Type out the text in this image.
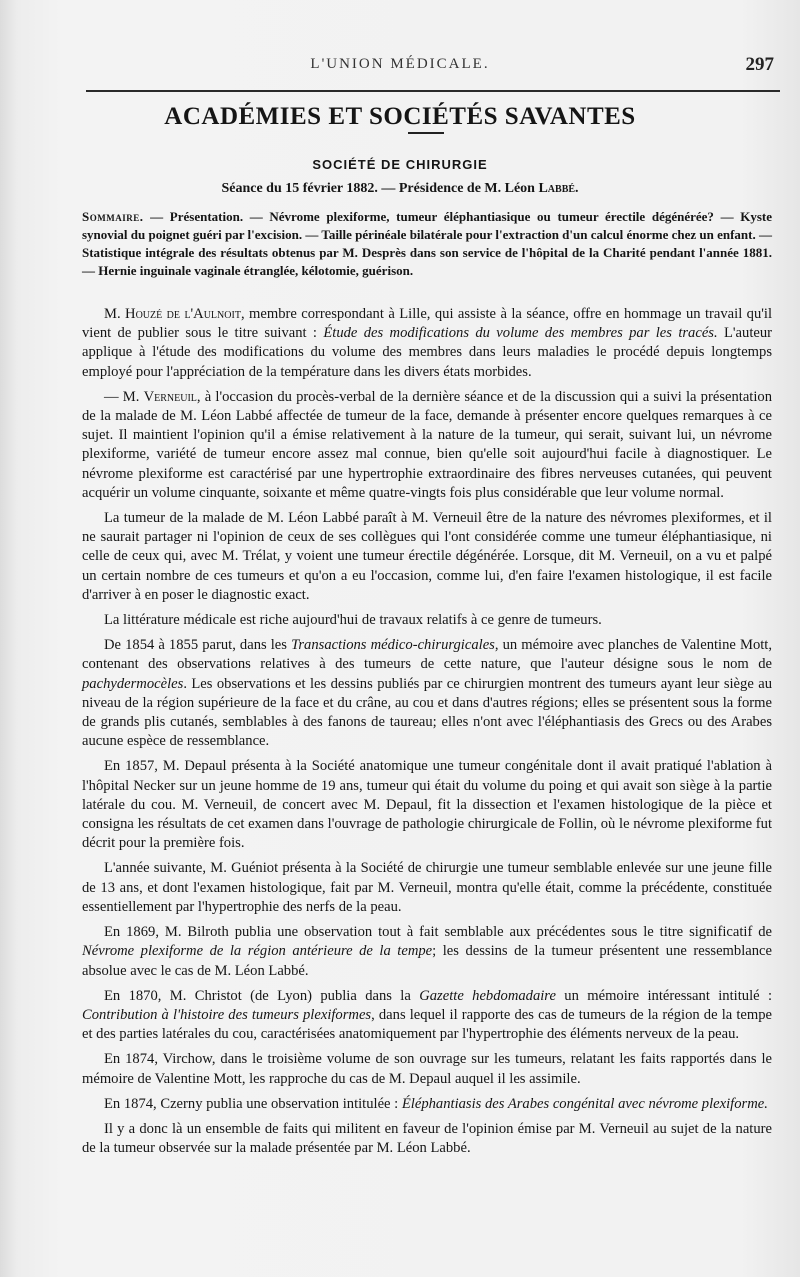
L'UNION MÉDICALE.	297
ACADÉMIES ET SOCIÉTÉS SAVANTES
SOCIÉTÉ DE CHIRURGIE
Séance du 15 février 1882. — Présidence de M. Léon Labbé.
Sommaire. — Présentation. — Névrome plexiforme, tumeur éléphantiasique ou tumeur érectile dégénérée? — Kyste synovial du poignet guéri par l'excision. — Taille périnéale bilatérale pour l'extraction d'un calcul énorme chez un enfant. — Statistique intégrale des résultats obtenus par M. Desprès dans son service de l'hôpital de la Charité pendant l'année 1881. — Hernie inguinale vaginale étranglée, kélotomie, guérison.

M. Houzé de l'Aulnoit, membre correspondant à Lille, qui assiste à la séance, offre en hommage un travail qu'il vient de publier sous le titre suivant : Étude des modifications du volume des membres par les tracés. L'auteur applique à l'étude des modifications du volume des membres dans leurs maladies le procédé depuis longtemps employé pour l'appréciation de la température dans les divers états morbides.

— M. Verneuil, à l'occasion du procès-verbal de la dernière séance et de la discussion qui a suivi la présentation de la malade de M. Léon Labbé affectée de tumeur de la face, demande à présenter encore quelques remarques à ce sujet. Il maintient l'opinion qu'il a émise relativement à la nature de la tumeur, qui serait, suivant lui, un névrome plexiforme, variété de tumeur encore assez mal connue, bien qu'elle soit aujourd'hui facile à diagnostiquer. Le névrome plexiforme est caractérisé par une hypertrophie extraordinaire des fibres nerveuses cutanées, qui peuvent acquérir un volume cinquante, soixante et même quatre-vingts fois plus considérable que leur volume normal.

La tumeur de la malade de M. Léon Labbé paraît à M. Verneuil être de la nature des névromes plexiformes, et il ne saurait partager ni l'opinion de ceux de ses collègues qui l'ont considérée comme une tumeur éléphantiasique, ni celle de ceux qui, avec M. Trélat, y voient une tumeur érectile dégénérée. Lorsque, dit M. Verneuil, on a vu et palpé un certain nombre de ces tumeurs et qu'on a eu l'occasion, comme lui, d'en faire l'examen histologique, il est facile d'arriver à en poser le diagnostic exact.

La littérature médicale est riche aujourd'hui de travaux relatifs à ce genre de tumeurs.

De 1854 à 1855 parut, dans les Transactions médico-chirurgicales, un mémoire avec planches de Valentine Mott, contenant des observations relatives à des tumeurs de cette nature, que l'auteur désigne sous le nom de pachydermocèles. Les observations et les dessins publiés par ce chirurgien montrent des tumeurs ayant leur siège au niveau de la région supérieure de la face et du crâne, au cou et dans d'autres régions; elles se présentent sous la forme de grands plis cutanés, semblables à des fanons de taureau; elles n'ont avec l'éléphantiasis des Grecs ou des Arabes aucune espèce de ressemblance.

En 1857, M. Depaul présenta à la Société anatomique une tumeur congénitale dont il avait pratiqué l'ablation à l'hôpital Necker sur un jeune homme de 19 ans, tumeur qui était du volume du poing et qui avait son siège à la partie latérale du cou. M. Verneuil, de concert avec M. Depaul, fit la dissection et l'examen histologique de la pièce et consigna les résultats de cet examen dans l'ouvrage de pathologie chirurgicale de Follin, où le névrome plexiforme fut décrit pour la première fois.

L'année suivante, M. Guéniot présenta à la Société de chirurgie une tumeur semblable enlevée sur une jeune fille de 13 ans, et dont l'examen histologique, fait par M. Verneuil, montra qu'elle était, comme la précédente, constituée essentiellement par l'hypertrophie des nerfs de la peau.

En 1869, M. Bilroth publia une observation tout à fait semblable aux précédentes sous le titre significatif de Névrome plexiforme de la région antérieure de la tempe; les dessins de la tumeur présentent une ressemblance absolue avec le cas de M. Léon Labbé.

En 1870, M. Christot (de Lyon) publia dans la Gazette hebdomadaire un mémoire intéressant intitulé : Contribution à l'histoire des tumeurs plexiformes, dans lequel il rapporte des cas de tumeurs de la région de la tempe et des parties latérales du cou, caractérisées anatomiquement par l'hypertrophie des éléments nerveux de la peau.

En 1874, Virchow, dans le troisième volume de son ouvrage sur les tumeurs, relatant les faits rapportés dans le mémoire de Valentine Mott, les rapproche du cas de M. Depaul auquel il les assimile.

En 1874, Czerny publia une observation intitulée : Éléphantiasis des Arabes congénital avec névrome plexiforme.

Il y a donc là un ensemble de faits qui militent en faveur de l'opinion émise par M. Verneuil au sujet de la nature de la tumeur observée sur la malade présentée par M. Léon Labbé.
